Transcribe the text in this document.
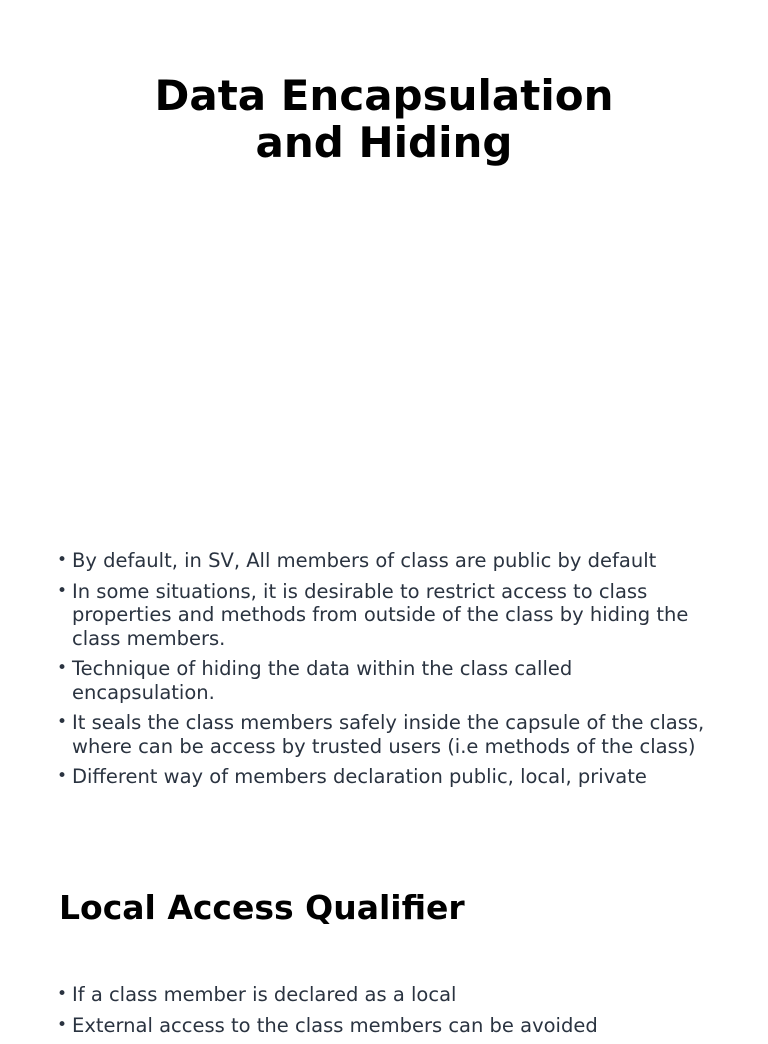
Data Encapsulation
and Hiding
• By default, in SV, All members of class are public by default
• In some situations, it is desirable to restrict access to class properties and methods from outside of the class by hiding the class members.
• Technique of hiding the data within the class called encapsulation.
• It seals the class members safely inside the capsule of the class, where can be access by trusted users (i.e methods of the class)
• Different way of members declaration public, local, private
Local Access Qualifier
• If a class member is declared as a local
• External access to the class members can be avoided
